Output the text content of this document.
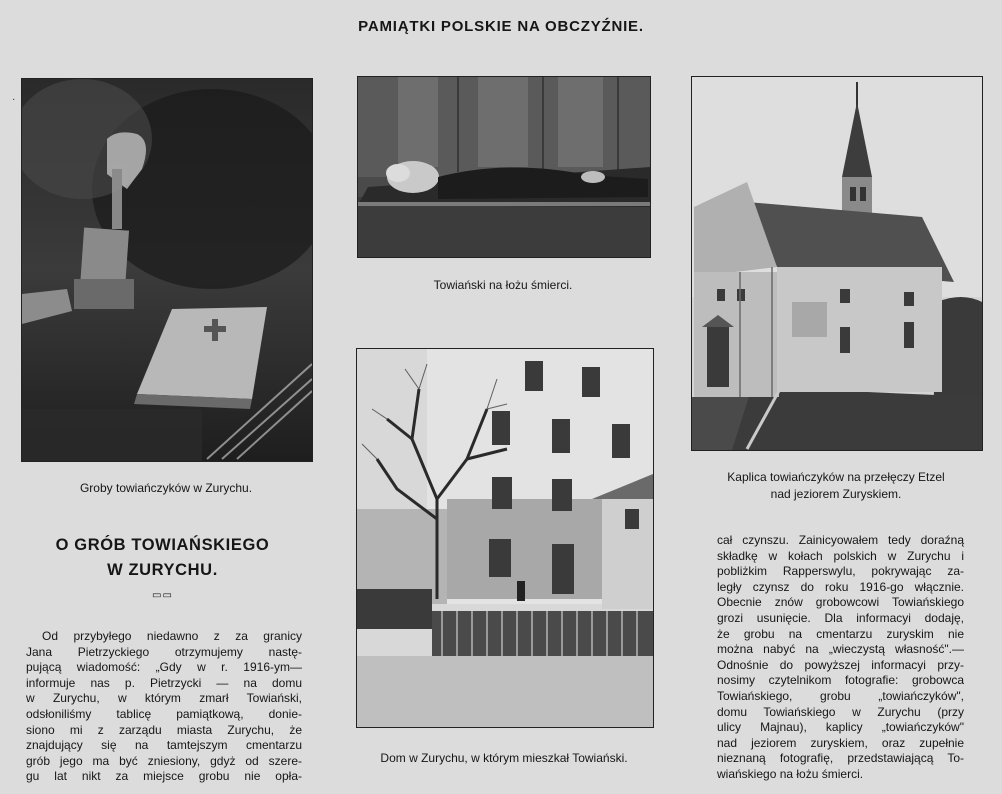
PAMIĄTKI POLSKIE NA OBCZYŹNIE.
·
Groby towiańczyków w Zurychu.
Towiański na łożu śmierci.
Kaplica towiańczyków na przełęczy Etzel
nad jeziorem Zuryskiem.
Dom w Zurychu, w którym mieszkał Towiański.
O GRÓB TOWIAŃSKIEGO
W ZURYCHU.
▭▭
Od przybyłego niedawno z za granicy
Jana Pietrzyckiego otrzymujemy nastę-
pującą wiadomość: „Gdy w r. 1916-ym—
informuje nas p. Pietrzycki — na domu
w Zurychu, w którym zmarł Towiański,
odsłoniliśmy tablicę pamiątkową, donie-
siono mi z zarządu miasta Zurychu, że
znajdujący się na tamtejszym cmentarzu
grób jego ma być zniesiony, gdyż od szere-
gu lat nikt za miejsce grobu nie opła-
cał czynszu. Zainicyowałem tedy doraźną
składkę w kołach polskich w Zurychu i
pobliżkim Rapperswylu, pokrywając za-
legły czynsz do roku 1916-go włącznie.
Obecnie znów grobowcowi Towiańskiego
grozi usunięcie. Dla informacyi dodaję,
że grobu na cmentarzu zuryskim nie
można nabyć na „wieczystą własność".—
Odnośnie do powyższej informacyi przy-
nosimy czytelnikom fotografie: grobowca
Towiańskiego, grobu „towiańczyków",
domu Towiańskiego w Zurychu (przy
ulicy Majnau), kaplicy „towiańczyków"
nad jeziorem zuryskiem, oraz zupełnie
nieznaną fotografię, przedstawiającą To-
wiańskiego na łożu śmierci.
